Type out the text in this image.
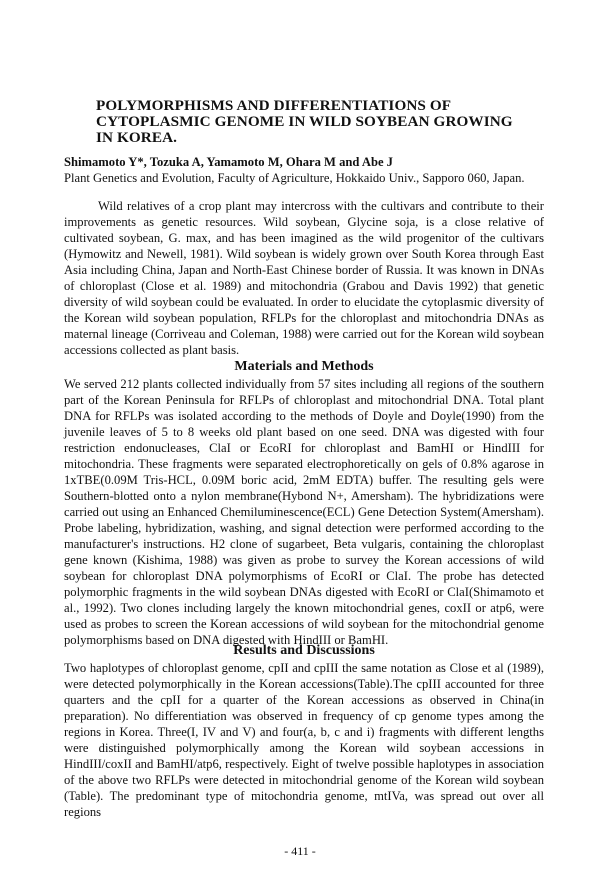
POLYMORPHISMS AND DIFFERENTIATIONS OF CYTOPLASMIC GENOME IN WILD SOYBEAN GROWING IN KOREA.

Shimamoto Y*, Tozuka A, Yamamoto M, Ohara M and Abe J

Plant Genetics and Evolution, Faculty of Agriculture, Hokkaido Univ., Sapporo 060, Japan.

Wild relatives of a crop plant may intercross with the cultivars and contribute to their improvements as genetic resources. Wild soybean, Glycine soja, is a close relative of cultivated soybean, G. max, and has been imagined as the wild progenitor of the cultivars (Hymowitz and Newell, 1981). Wild soybean is widely grown over South Korea through East Asia including China, Japan and North-East Chinese border of Russia. It was known in DNAs of chloroplast (Close et al. 1989) and mitochondria (Grabou and Davis 1992) that genetic diversity of wild soybean could be evaluated. In order to elucidate the cytoplasmic diversity of the Korean wild soybean population, RFLPs for the chloroplast and mitochondria DNAs as maternal lineage (Corriveau and Coleman, 1988) were carried out for the Korean wild soybean accessions collected as plant basis.

Materials and Methods

We served 212 plants collected individually from 57 sites including all regions of the southern part of the Korean Peninsula for RFLPs of chloroplast and mitochondrial DNA. Total plant DNA for RFLPs was isolated according to the methods of Doyle and Doyle(1990) from the juvenile leaves of 5 to 8 weeks old plant based on one seed. DNA was digested with four restriction endonucleases, ClaI or EcoRI for chloroplast and BamHI or HindIII for mitochondria. These fragments were separated electrophoretically on gels of 0.8% agarose in 1xTBE(0.09M Tris-HCL, 0.09M boric acid, 2mM EDTA) buffer. The resulting gels were Southern-blotted onto a nylon membrane(Hybond N+, Amersham). The hybridizations were carried out using an Enhanced Chemiluminescence(ECL) Gene Detection System(Amersham). Probe labeling, hybridization, washing, and signal detection were performed according to the manufacturer's instructions. H2 clone of sugarbeet, Beta vulgaris, containing the chloroplast gene known (Kishima, 1988) was given as probe to survey the Korean accessions of wild soybean for chloroplast DNA polymorphisms of EcoRI or ClaI. The probe has detected polymorphic fragments in the wild soybean DNAs digested with EcoRI or ClaI(Shimamoto et al., 1992). Two clones including largely the known mitochondrial genes, coxII or atp6, were used as probes to screen the Korean accessions of wild soybean for the mitochondrial genome polymorphisms based on DNA digested with HindIII or BamHI.

Results and Discussions

Two haplotypes of chloroplast genome, cpII and cpIII the same notation as Close et al (1989), were detected polymorphically in the Korean accessions(Table).The cpIII accounted for three quarters and the cpII for a quarter of the Korean accessions as observed in China(in preparation). No differentiation was observed in frequency of cp genome types among the regions in Korea. Three(I, IV and V) and four(a, b, c and i) fragments with different lengths were distinguished polymorphically among the Korean wild soybean accessions in HindIII/coxII and BamHI/atp6, respectively. Eight of twelve possible haplotypes in association of the above two RFLPs were detected in mitochondrial genome of the Korean wild soybean (Table). The predominant type of mitochondria genome, mtIVa, was spread out over all regions

- 411 -
